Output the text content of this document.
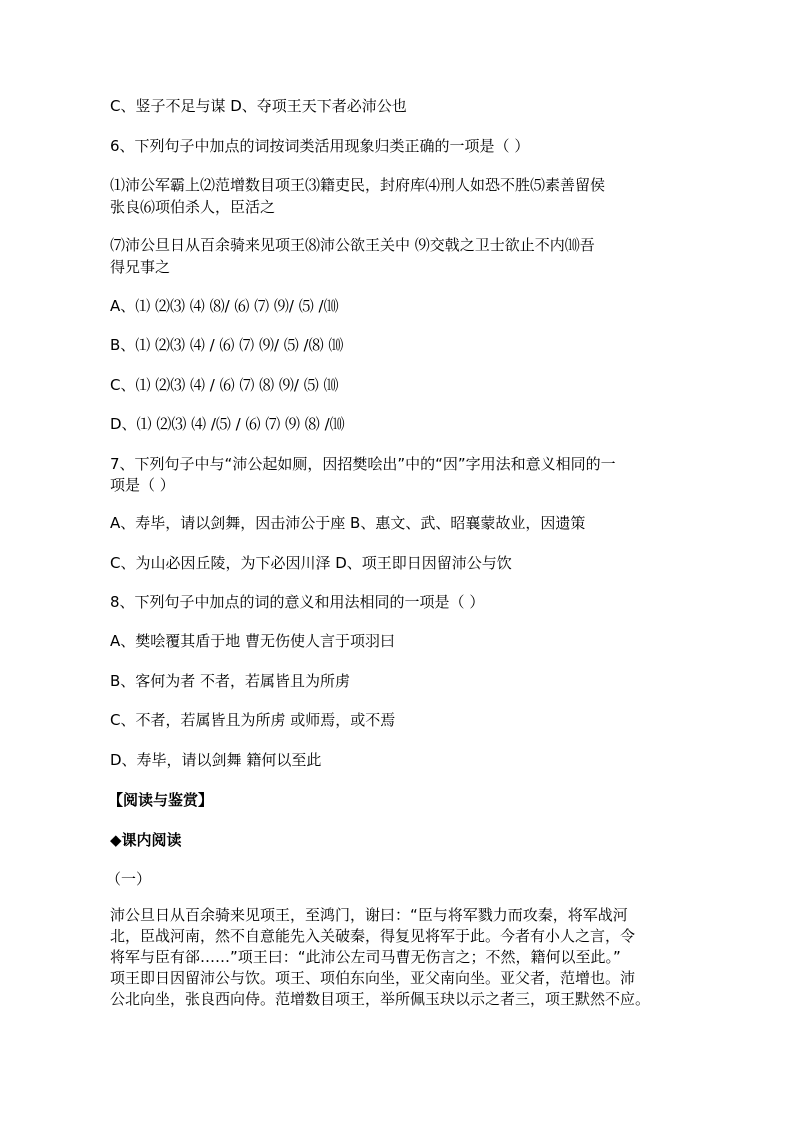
C、竖子不足与谋 D、夺项王天下者必沛公也
6、下列句子中加点的词按词类活用现象归类正确的一项是（ ）
⑴沛公军霸上⑵范增数目项王⑶籍吏民，封府库⑷刑人如恐不胜⑸素善留侯
张良⑹项伯杀人，臣活之
⑺沛公旦日从百余骑来见项王⑻沛公欲王关中 ⑼交戟之卫士欲止不内⑽吾
得兄事之
A、⑴ ⑵⑶ ⑷ ⑻/ ⑹ ⑺ ⑼/ ⑸ /⑽
B、⑴ ⑵⑶ ⑷ / ⑹ ⑺ ⑼/ ⑸ /⑻ ⑽
C、⑴ ⑵⑶ ⑷ / ⑹ ⑺ ⑻ ⑼/ ⑸ ⑽
D、⑴ ⑵⑶ ⑷ /⑸ / ⑹ ⑺ ⑼ ⑻ /⑽
7、下列句子中与“沛公起如厕，因招樊哙出”中的“因”字用法和意义相同的一
项是（ ）
A、寿毕，请以剑舞，因击沛公于座 B、惠文、武、昭襄蒙故业，因遗策
C、为山必因丘陵，为下必因川泽 D、项王即日因留沛公与饮
8、下列句子中加点的词的意义和用法相同的一项是（ ）
A、樊哙覆其盾于地 曹无伤使人言于项羽曰
B、客何为者 不者，若属皆且为所虏
C、不者，若属皆且为所虏 或师焉，或不焉
D、寿毕，请以剑舞 籍何以至此
【阅读与鉴赏】
◆课内阅读
（一）
沛公旦日从百余骑来见项王，至鸿门，谢曰：“臣与将军戮力而攻秦，将军战河
北，臣战河南，然不自意能先入关破秦，得复见将军于此。今者有小人之言，令
将军与臣有郤……”项王曰：“此沛公左司马曹无伤言之；不然，籍何以至此。”
项王即日因留沛公与饮。项王、项伯东向坐，亚父南向坐。亚父者，范增也。沛
公北向坐，张良西向侍。范增数目项王，举所佩玉玦以示之者三，项王默然不应。
